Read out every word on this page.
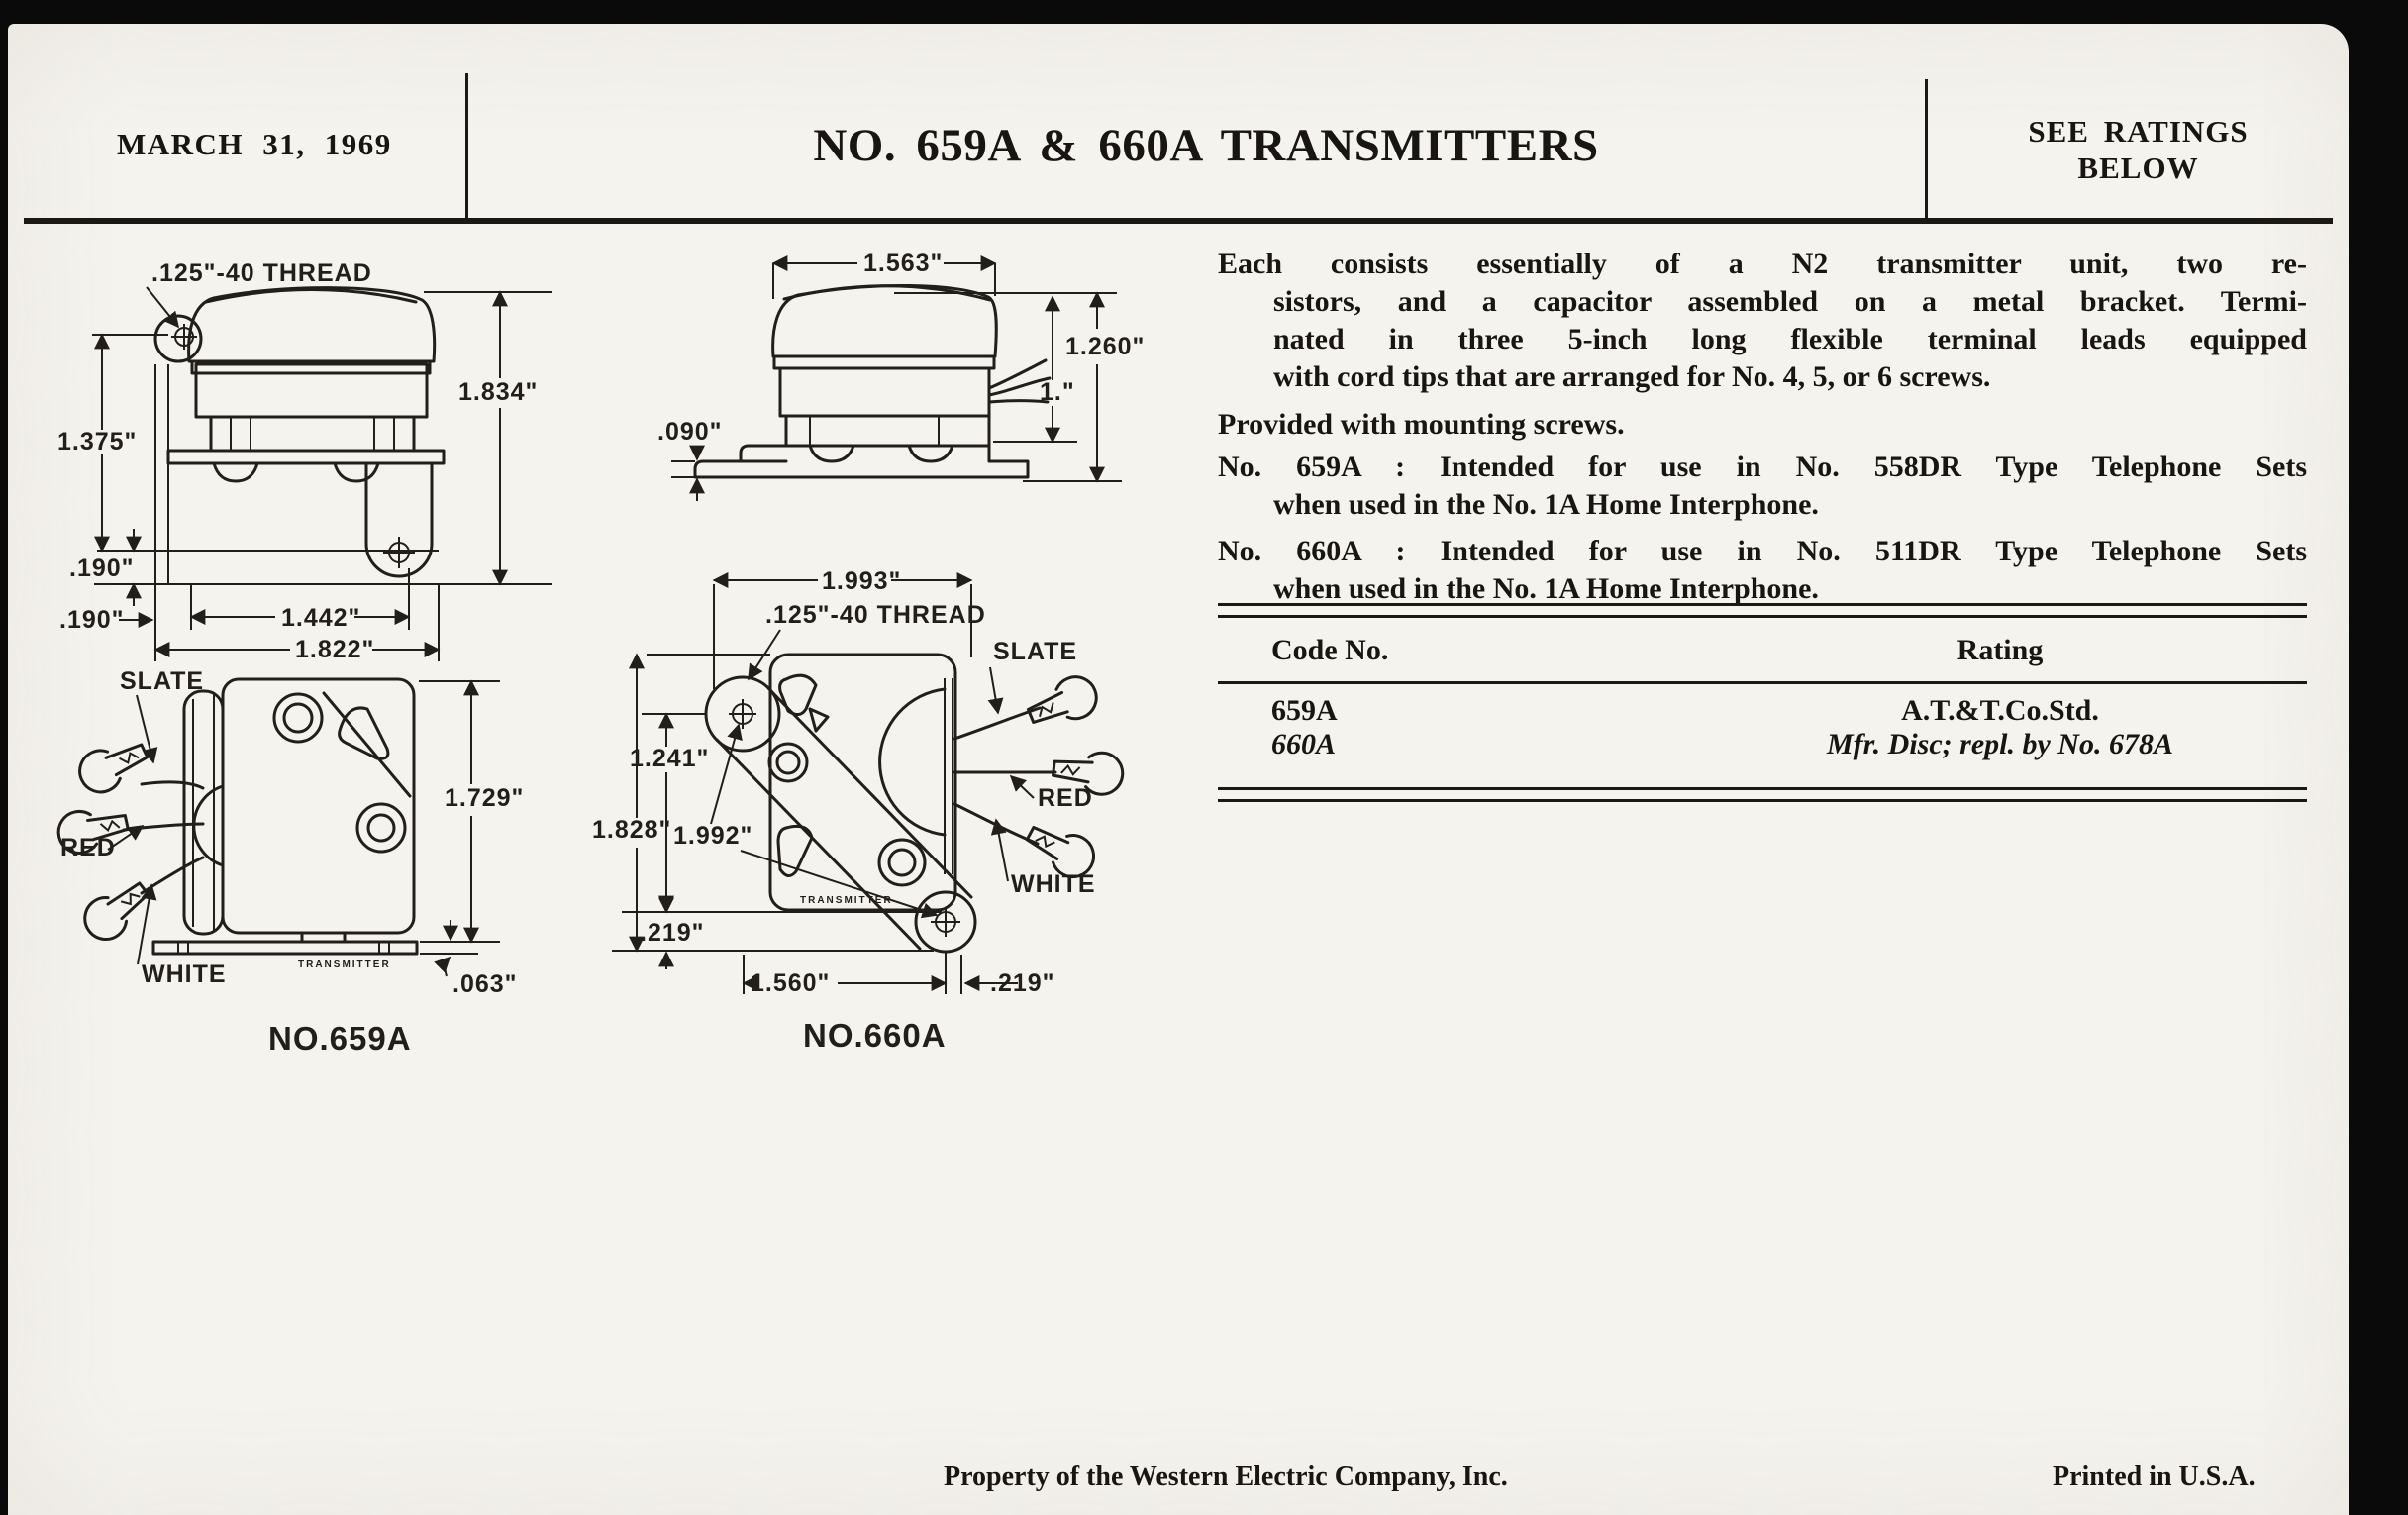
MARCH 31, 1969	NO. 659A & 660A TRANSMITTERS	SEE RATINGS
BELOW
Each consists essentially of a N2 transmitter unit, two re-
sistors, and a capacitor assembled on a metal bracket. Termi-
nated in three 5-inch long flexible terminal leads equipped
with cord tips that are arranged for No. 4, 5, or 6 screws.
Provided with mounting screws.
No. 659A : Intended for use in No. 558DR Type Telephone Sets
when used in the No. 1A Home Interphone.
No. 660A : Intended for use in No. 511DR Type Telephone Sets
when used in the No. 1A Home Interphone.
Code No.	Rating
659A	A.T.&T.Co.Std.
660A	Mfr. Disc; repl. by No. 678A
.125"-40 THREAD
1.834"
1.375"
.190"
.190"	1.442"
1.822"
1.563"
.090"
1.260"
1."
SLATE
RED
WHITE	TRANSMITTER
1.729"
.063"
NO.659A
1.993"
.125"-40 THREAD
SLATE
RED
WHITE
TRANSMITTER
1.241"
1.828" 1.992"
.219"
1.560"	.219"
NO.660A
Property of the Western Electric Company, Inc.	Printed in U.S.A.
